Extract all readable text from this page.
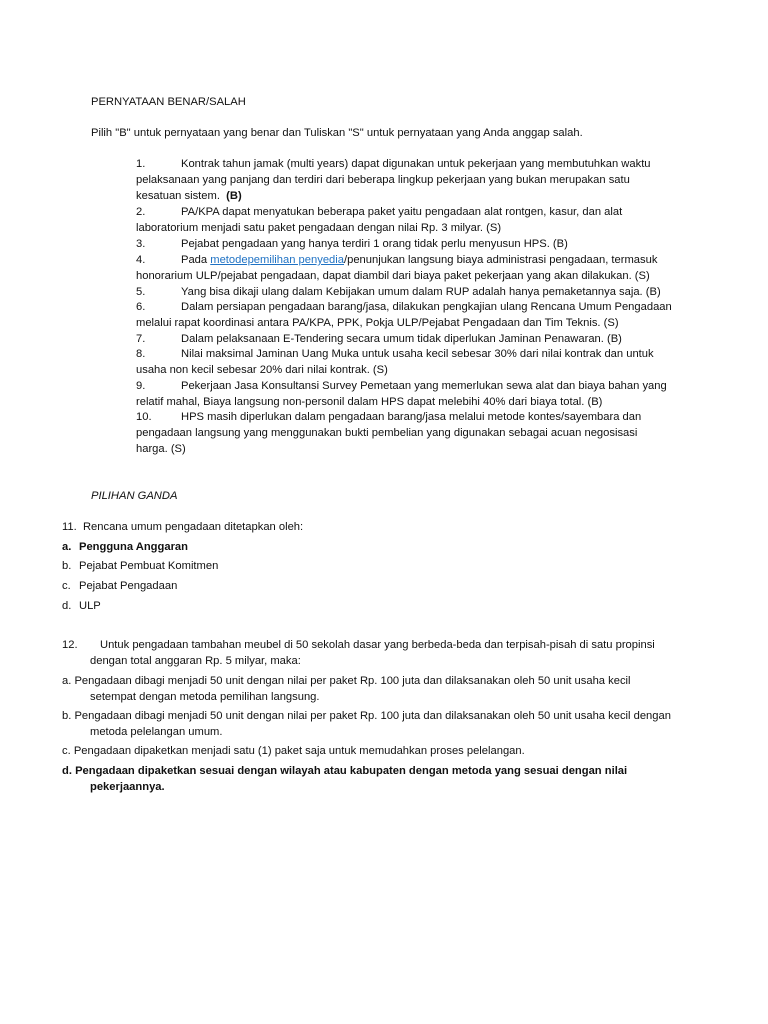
PERNYATAAN BENAR/SALAH
Pilih "B" untuk pernyataan yang benar dan Tuliskan "S" untuk pernyataan yang Anda anggap salah.
1.	Kontrak tahun jamak (multi years) dapat digunakan untuk pekerjaan yang membutuhkan waktu
pelaksanaan yang panjang dan terdiri dari beberapa lingkup pekerjaan yang bukan merupakan satu
kesatuan sistem. (B)
2.	PA/KPA dapat menyatukan beberapa paket yaitu pengadaan alat rontgen, kasur, dan alat
laboratorium menjadi satu paket pengadaan dengan nilai Rp. 3 milyar. (S)
3.	Pejabat pengadaan yang hanya terdiri 1 orang tidak perlu menyusun HPS. (B)
4.	Pada metodepemilihan penyedia/penunjukan langsung biaya administrasi pengadaan, termasuk
honorarium ULP/pejabat pengadaan, dapat diambil dari biaya paket pekerjaan yang akan dilakukan. (S)
5.	Yang bisa dikaji ulang dalam Kebijakan umum dalam RUP adalah hanya pemaketannya saja. (B)
6.	Dalam persiapan pengadaan barang/jasa, dilakukan pengkajian ulang Rencana Umum Pengadaan
melalui rapat koordinasi antara PA/KPA, PPK, Pokja ULP/Pejabat Pengadaan dan Tim Teknis. (S)
7.	Dalam pelaksanaan E-Tendering secara umum tidak diperlukan Jaminan Penawaran. (B)
8.	Nilai maksimal Jaminan Uang Muka untuk usaha kecil sebesar 30% dari nilai kontrak dan untuk
usaha non kecil sebesar 20% dari nilai kontrak. (S)
9.	Pekerjaan Jasa Konsultansi Survey Pemetaan yang memerlukan sewa alat dan biaya bahan yang
relatif mahal, Biaya langsung non-personil dalam HPS dapat melebihi 40% dari biaya total. (B)
10.	HPS masih diperlukan dalam pengadaan barang/jasa melalui metode kontes/sayembara dan
pengadaan langsung yang menggunakan bukti pembelian yang digunakan sebagai acuan negosisasi
harga. (S)
PILIHAN GANDA
11. Rencana umum pengadaan ditetapkan oleh:
a. Pengguna Anggaran
b. Pejabat Pembuat Komitmen
c. Pejabat Pengadaan
d. ULP
12. Untuk pengadaan tambahan meubel di 50 sekolah dasar yang berbeda-beda dan terpisah-pisah di satu propinsi
dengan total anggaran Rp. 5 milyar, maka:
a. Pengadaan dibagi menjadi 50 unit dengan nilai per paket Rp. 100 juta dan dilaksanakan oleh 50 unit usaha kecil
setempat dengan metoda pemilihan langsung.
b. Pengadaan dibagi menjadi 50 unit dengan nilai per paket Rp. 100 juta dan dilaksanakan oleh 50 unit usaha kecil dengan
metoda pelelangan umum.
c. Pengadaan dipaketkan menjadi satu (1) paket saja untuk memudahkan proses pelelangan.
d. Pengadaan dipaketkan sesuai dengan wilayah atau kabupaten dengan metoda yang sesuai dengan nilai
pekerjaannya.
